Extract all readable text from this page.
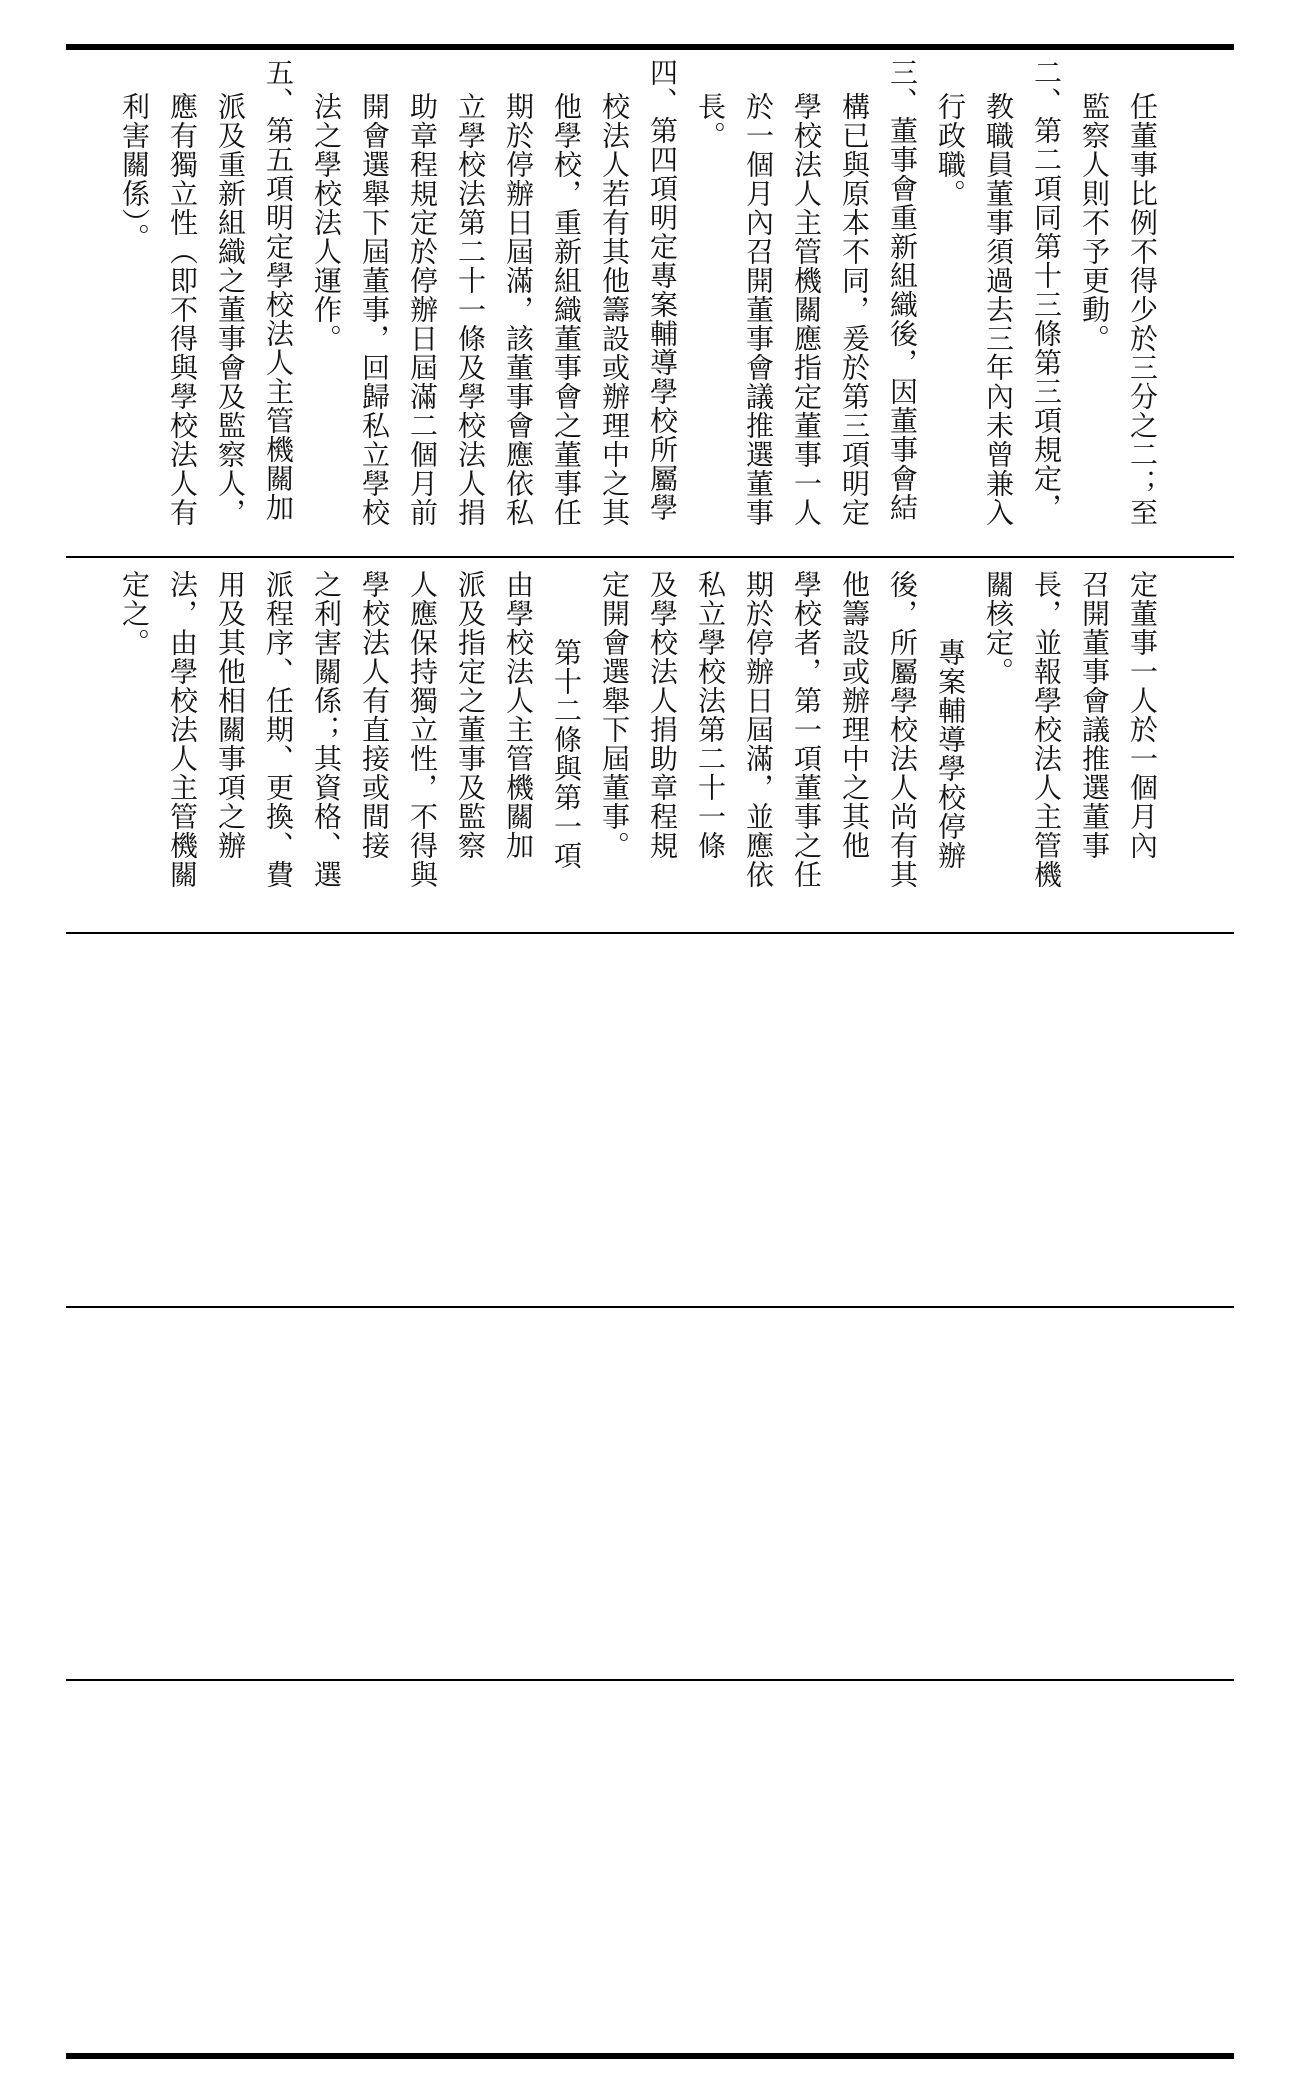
任董事比例不得少於三分之二；至
監察人則不予更動。
二、第二項同第十三條第三項規定，
教職員董事須過去三年內未曾兼入
行政職。
三、董事會重新組織後，因董事會結
構已與原本不同，爰於第三項明定
學校法人主管機關應指定董事一人
於一個月內召開董事會議推選董事
長。
四、第四項明定專案輔導學校所屬學
校法人若有其他籌設或辦理中之其
他學校，重新組織董事會之董事任
期於停辦日屆滿，該董事會應依私
立學校法第二十一條及學校法人捐
助章程規定於停辦日屆滿二個月前
開會選舉下屆董事，回歸私立學校
法之學校法人運作。
五、第五項明定學校法人主管機關加
派及重新組織之董事會及監察人，
應有獨立性（即不得與學校法人有
利害關係）。
定董事一人於一個月內
召開董事會議推選董事
長，並報學校法人主管機
關核定。
專案輔導學校停辦
後，所屬學校法人尚有其
他籌設或辦理中之其他
學校者，第一項董事之任
期於停辦日屆滿，並應依
私立學校法第二十一條
及學校法人捐助章程規
定開會選舉下屆董事。
第十二條與第一項
由學校法人主管機關加
派及指定之董事及監察
人應保持獨立性，不得與
學校法人有直接或間接
之利害關係；其資格、選
派程序、任期、更換、費
用及其他相關事項之辦
法，由學校法人主管機關
定之。
